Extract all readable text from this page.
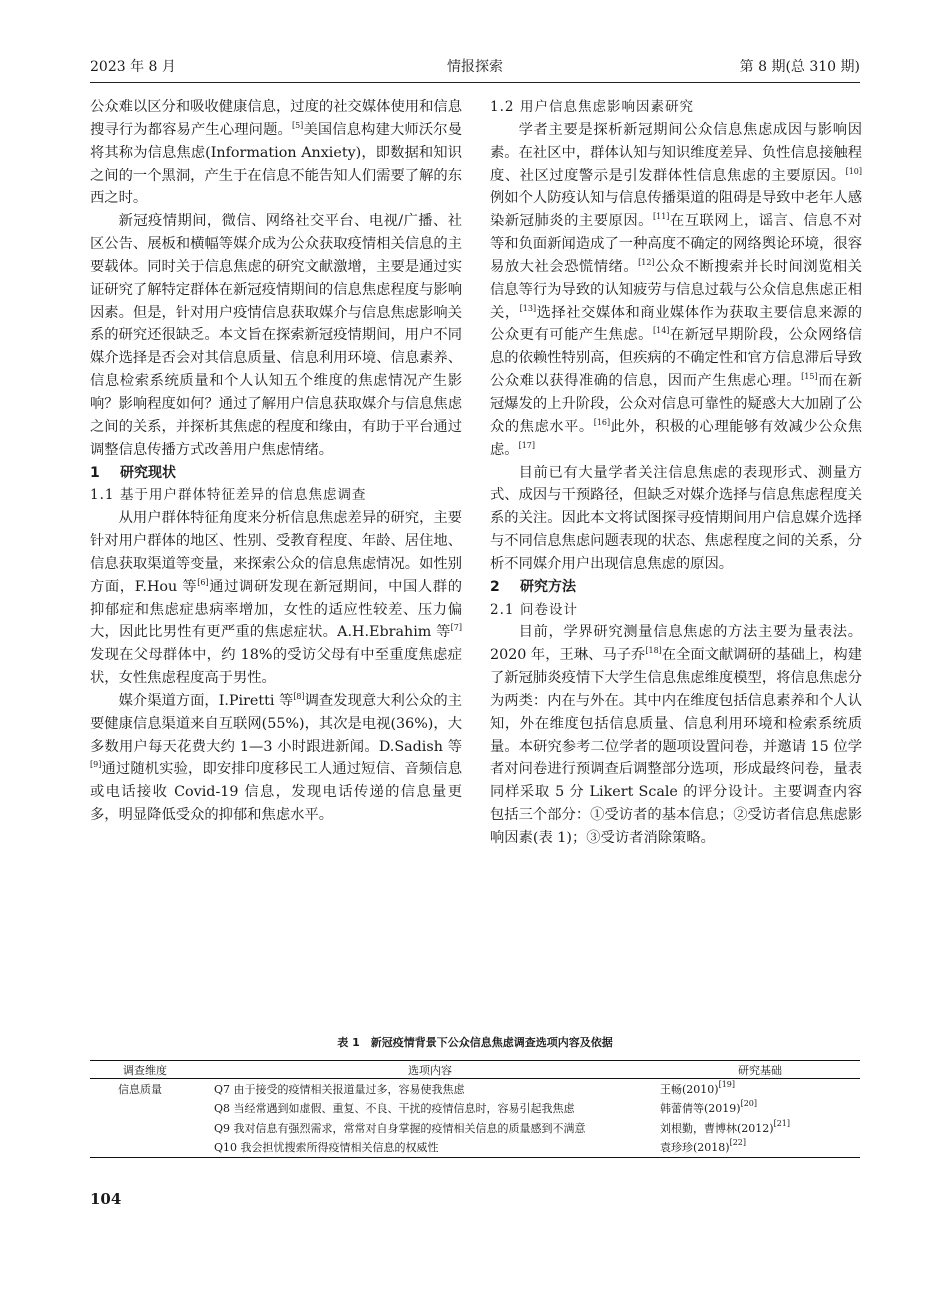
2023 年 8 月	情报探索	第 8 期(总 310 期)

公众难以区分和吸收健康信息，过度的社交媒体使用和信息搜寻行为都容易产生心理问题。[5]美国信息构建大师沃尔曼将其称为信息焦虑(Information Anxiety)，即数据和知识之间的一个黑洞，产生于在信息不能告知人们需要了解的东西之时。

新冠疫情期间，微信、网络社交平台、电视/广播、社区公告、展板和横幅等媒介成为公众获取疫情相关信息的主要载体。同时关于信息焦虑的研究文献激增，主要是通过实证研究了解特定群体在新冠疫情期间的信息焦虑程度与影响因素。但是，针对用户疫情信息获取媒介与信息焦虑影响关系的研究还很缺乏。本文旨在探索新冠疫情期间，用户不同媒介选择是否会对其信息质量、信息利用环境、信息素养、信息检索系统质量和个人认知五个维度的焦虑情况产生影响？影响程度如何？通过了解用户信息获取媒介与信息焦虑之间的关系，并探析其焦虑的程度和缘由，有助于平台通过调整信息传播方式改善用户焦虑情绪。

1 研究现状
1.1 基于用户群体特征差异的信息焦虑调查

从用户群体特征角度来分析信息焦虑差异的研究，主要针对用户群体的地区、性别、受教育程度、年龄、居住地、信息获取渠道等变量，来探索公众的信息焦虑情况。如性别方面，F.Hou 等[6]通过调研发现在新冠期间，中国人群的抑郁症和焦虑症患病率增加，女性的适应性较差、压力偏大，因此比男性有更严重的焦虑症状。A.H.Ebrahim 等[7]发现在父母群体中，约 18%的受访父母有中至重度焦虑症状，女性焦虑程度高于男性。

媒介渠道方面，I.Piretti 等[8]调查发现意大利公众的主要健康信息渠道来自互联网(55%)，其次是电视(36%)，大多数用户每天花费大约 1—3 小时跟进新闻。D.Sadish 等[9]通过随机实验，即安排印度移民工人通过短信、音频信息或电话接收 Covid-19 信息，发现电话传递的信息量更多，明显降低受众的抑郁和焦虑水平。

1.2 用户信息焦虑影响因素研究

学者主要是探析新冠期间公众信息焦虑成因与影响因素。在社区中，群体认知与知识维度差异、负性信息接触程度、社区过度警示是引发群体性信息焦虑的主要原因。[10]例如个人防疫认知与信息传播渠道的阻碍是导致中老年人感染新冠肺炎的主要原因。[11]在互联网上，谣言、信息不对等和负面新闻造成了一种高度不确定的网络舆论环境，很容易放大社会恐慌情绪。[12]公众不断搜索并长时间浏览相关信息等行为导致的认知疲劳与信息过载与公众信息焦虑正相关，[13]选择社交媒体和商业媒体作为获取主要信息来源的公众更有可能产生焦虑。[14]在新冠早期阶段，公众网络信息的依赖性特别高，但疾病的不确定性和官方信息滞后导致公众难以获得准确的信息，因而产生焦虑心理。[15]而在新冠爆发的上升阶段，公众对信息可靠性的疑惑大大加剧了公众的焦虑水平。[16]此外，积极的心理能够有效减少公众焦虑。[17]

目前已有大量学者关注信息焦虑的表现形式、测量方式、成因与干预路径，但缺乏对媒介选择与信息焦虑程度关系的关注。因此本文将试图探寻疫情期间用户信息媒介选择与不同信息焦虑问题表现的状态、焦虑程度之间的关系，分析不同媒介用户出现信息焦虑的原因。

2 研究方法
2.1 问卷设计

目前，学界研究测量信息焦虑的方法主要为量表法。2020 年，王琳、马子乔[18]在全面文献调研的基础上，构建了新冠肺炎疫情下大学生信息焦虑维度模型，将信息焦虑分为两类：内在与外在。其中内在维度包括信息素养和个人认知，外在维度包括信息质量、信息利用环境和检索系统质量。本研究参考二位学者的题项设置问卷，并邀请 15 位学者对问卷进行预调查后调整部分选项，形成最终问卷，量表同样采取 5 分 Likert Scale 的评分设计。主要调查内容包括三个部分：①受访者的基本信息；②受访者信息焦虑影响因素(表 1)；③受访者消除策略。

表 1　新冠疫情背景下公众信息焦虑调查选项内容及依据
调查维度	选项内容	研究基础
信息质量	Q7 由于接受的疫情相关报道量过多，容易使我焦虑	王畅(2010)[19]
	Q8 当经常遇到如虚假、重复、不良、干扰的疫情信息时，容易引起我焦虑	韩蕾倩等(2019)[20]
	Q9 我对信息有强烈需求，常常对自身掌握的疫情相关信息的质量感到不满意	刘根勤，曹博林(2012)[21]
	Q10 我会担忧搜索所得疫情相关信息的权威性	袁珍珍(2018)[22]
104
